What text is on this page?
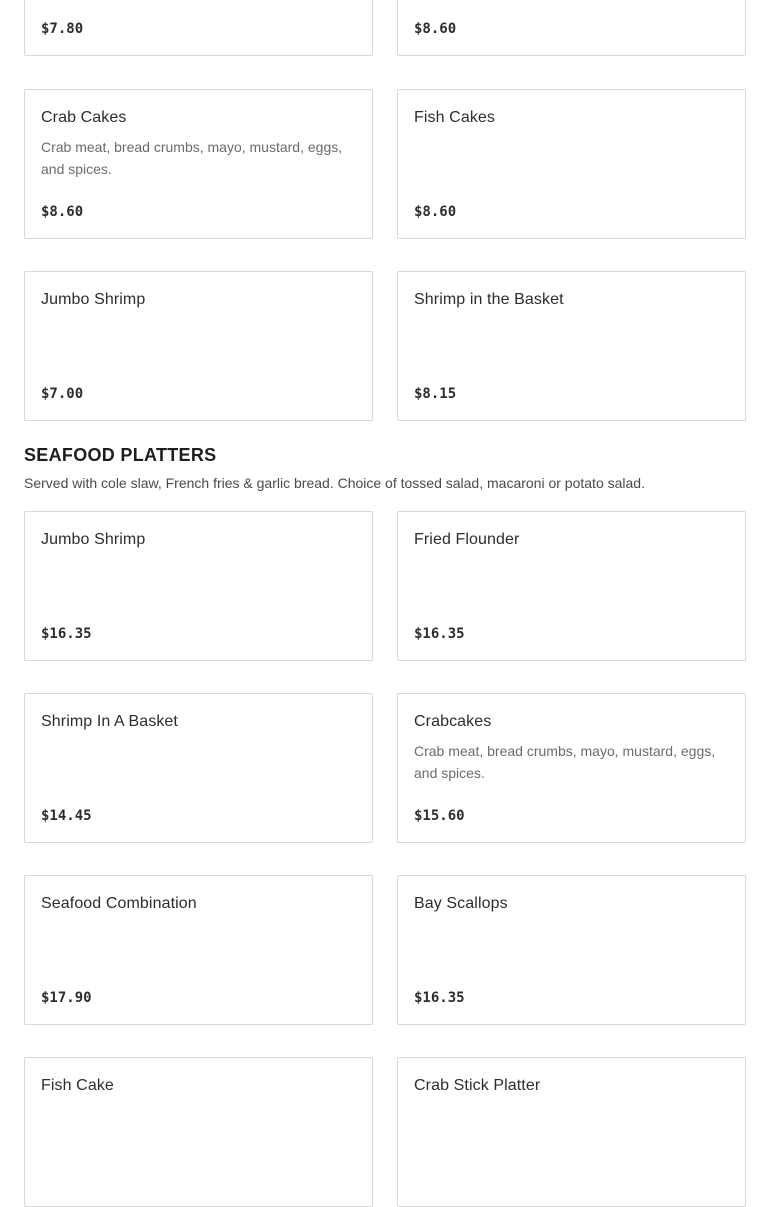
$7.80	$8.60
Crab Cakes
Crab meat, bread crumbs, mayo, mustard, eggs, and spices.
$8.60
Fish Cakes
$8.60
Jumbo Shrimp
$7.00
Shrimp in the Basket
$8.15
SEAFOOD PLATTERS

Served with cole slaw, French fries & garlic bread. Choice of tossed salad, macaroni or potato salad.

Jumbo Shrimp
$16.35
Fried Flounder
$16.35
Shrimp In A Basket
$14.45
Crabcakes
Crab meat, bread crumbs, mayo, mustard, eggs, and spices.
$15.60
Seafood Combination
$17.90
Bay Scallops
$16.35
Fish Cake	Crab Stick Platter
